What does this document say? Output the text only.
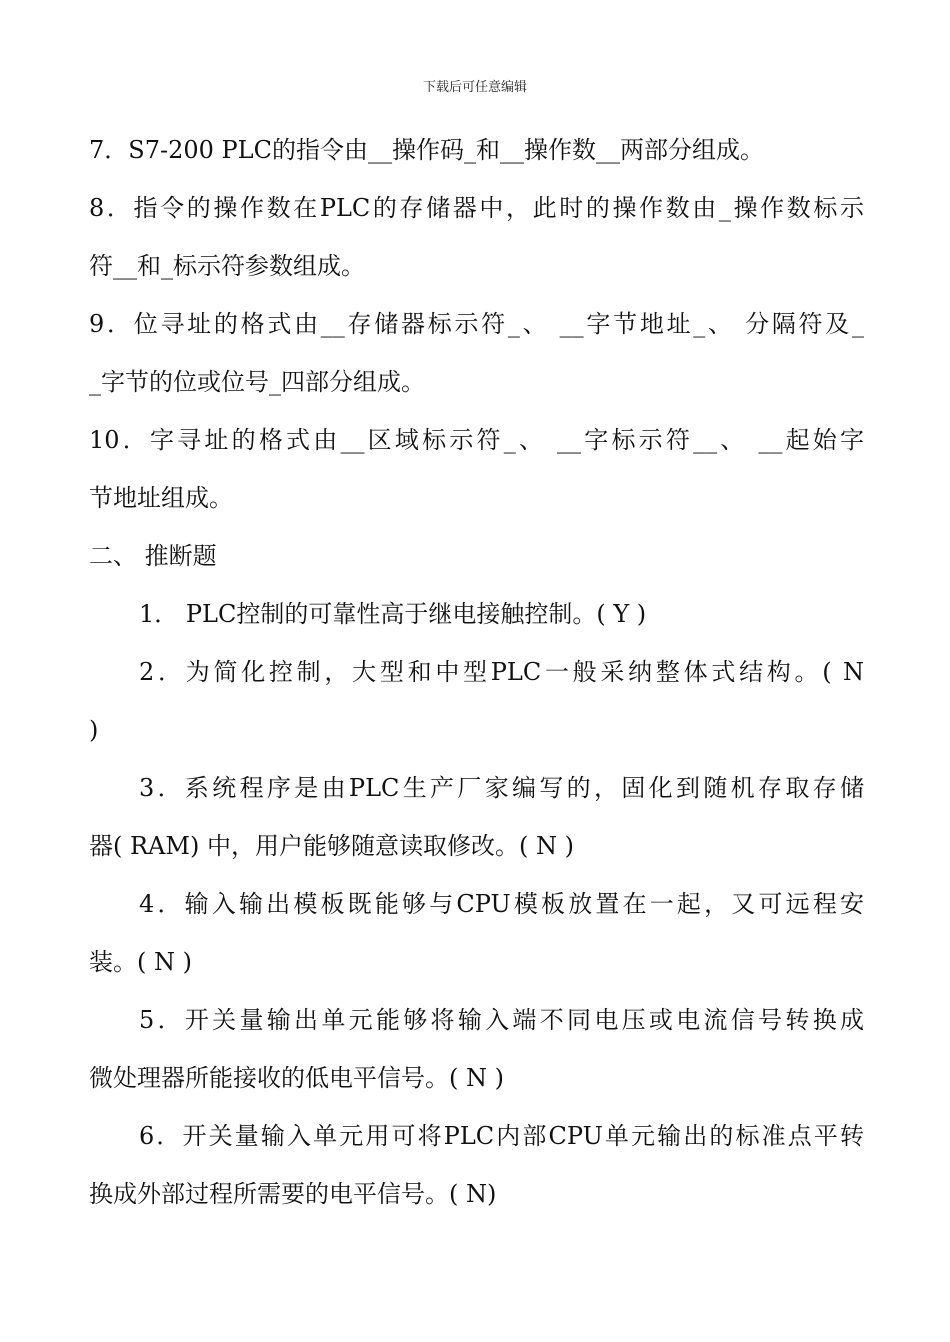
下载后可任意编辑
7．S7-200 PLC的指令由__操作码_和__操作数__两部分组成。
8．指令的操作数在PLC的存储器中，此时的操作数由_操作数标示
符__和_标示符参数组成。
9．位寻址的格式由__存储器标示符_、 __字节地址_、 分隔符及_
_字节的位或位号_四部分组成。
10．字寻址的格式由__区域标示符_、 __字标示符__、 __起始字
节地址组成。
二、 推断题
1． PLC控制的可靠性高于继电接触控制。( Y )
2．为简化控制，大型和中型PLC一般采纳整体式结构。( N
)
3．系统程序是由PLC生产厂家编写的，固化到随机存取存储
器( RAM) 中，用户能够随意读取修改。( N )
4．输入输出模板既能够与CPU模板放置在一起，又可远程安
装。( N )
5．开关量输出单元能够将输入端不同电压或电流信号转换成
微处理器所能接收的低电平信号。( N )
6．开关量输入单元用可将PLC内部CPU单元输出的标准点平转
换成外部过程所需要的电平信号。( N)
